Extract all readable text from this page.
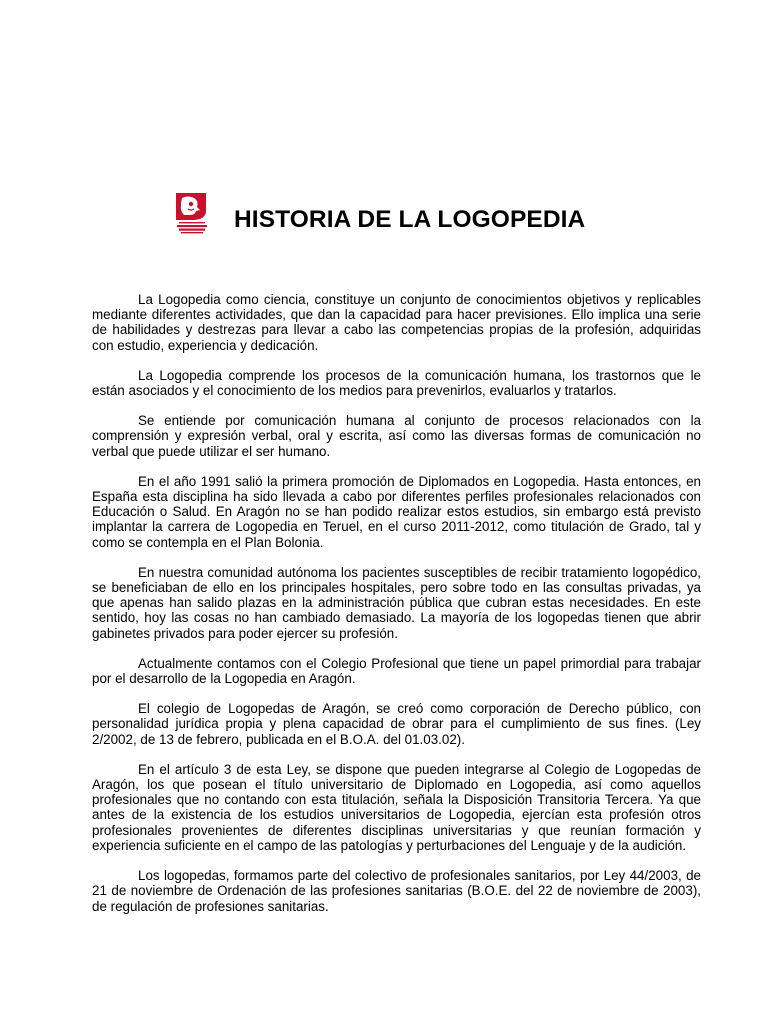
HISTORIA DE LA LOGOPEDIA

La Logopedia como ciencia, constituye un conjunto de conocimientos objetivos y replicables mediante diferentes actividades, que dan la capacidad para hacer previsiones. Ello implica una serie de habilidades y destrezas para llevar a cabo las competencias propias de la profesión, adquiridas con estudio, experiencia y dedicación.

La Logopedia comprende los procesos de la comunicación humana, los trastornos que le están asociados y el conocimiento de los medios para prevenirlos, evaluarlos y tratarlos.

Se entiende por comunicación humana al conjunto de procesos relacionados con la comprensión y expresión verbal, oral y escrita, así como las diversas formas de comunicación no verbal que puede utilizar el ser humano.

En el año 1991 salió la primera promoción de Diplomados en Logopedia. Hasta entonces, en España esta disciplina ha sido llevada a cabo por diferentes perfiles profesionales relacionados con Educación o Salud. En Aragón no se han podido realizar estos estudios, sin embargo está previsto implantar la carrera de Logopedia en Teruel, en el curso 2011-2012, como titulación de Grado, tal y como se contempla en el Plan Bolonia.

En nuestra comunidad autónoma los pacientes susceptibles de recibir tratamiento logopédico, se beneficiaban de ello en los principales hospitales, pero sobre todo en las consultas privadas, ya que apenas han salido plazas en la administración pública que cubran estas necesidades. En este sentido, hoy las cosas no han cambiado demasiado. La mayoría de los logopedas tienen que abrir gabinetes privados para poder ejercer su profesión.

Actualmente contamos con el Colegio Profesional que tiene un papel primordial para trabajar por el desarrollo de la Logopedia en Aragón.

El colegio de Logopedas de Aragón, se creó como corporación de Derecho público, con personalidad jurídica propia y plena capacidad de obrar para el cumplimiento de sus fines. (Ley 2/2002, de 13 de febrero, publicada en el B.O.A. del 01.03.02).

En el artículo 3 de esta Ley, se dispone que pueden integrarse al Colegio de Logopedas de Aragón, los que posean el título universitario de Diplomado en Logopedia, así como aquellos profesionales que no contando con esta titulación, señala la Disposición Transitoria Tercera. Ya que antes de la existencia de los estudios universitarios de Logopedia, ejercían esta profesión otros profesionales provenientes de diferentes disciplinas universitarias y que reunían formación y experiencia suficiente en el campo de las patologías y perturbaciones del Lenguaje y de la audición.

Los logopedas, formamos parte del colectivo de profesionales sanitarios, por Ley 44/2003, de 21 de noviembre de Ordenación de las profesiones sanitarias (B.O.E. del 22 de noviembre de 2003), de regulación de profesiones sanitarias.
